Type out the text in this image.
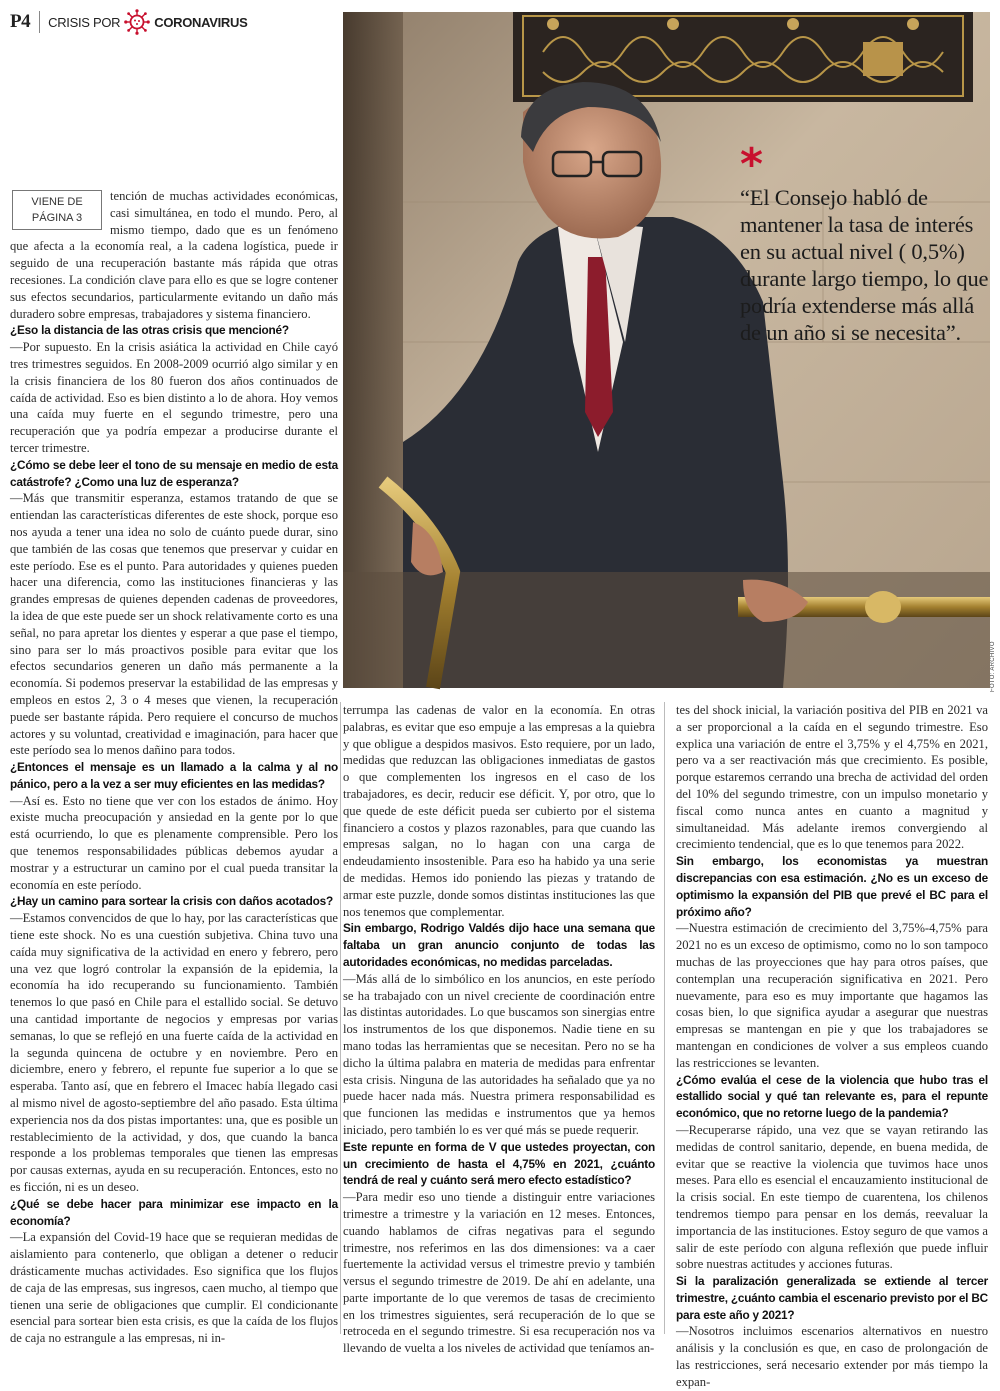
P4 CRISIS POR	CORONAVIRUS
FOTO: ARCHIVO
*
“El Consejo habló de mantener la tasa de interés en su actual nivel ( 0,5%) durante largo tiempo, lo que podría extenderse más allá de un año si se necesita”.
VIENE DE
PÁGINA 3

tención de muchas actividades económicas, casi simultánea, en todo el mundo. Pero, al mismo tiempo, dado que es un fenómeno que afecta a la economía real, a la cadena logística, puede ir seguido de una recuperación bastante más rápida que otras recesiones. La condición clave para ello es que se logre contener sus efectos secundarios, particularmente evitando un daño más duradero sobre empresas, trabajadores y sistema financiero.

¿Eso la distancia de las otras crisis que mencioné?

—Por supuesto. En la crisis asiática la actividad en Chile cayó tres trimestres seguidos. En 2008-2009 ocurrió algo similar y en la crisis financiera de los 80 fueron dos años continuados de caída de actividad. Eso es bien distinto a lo de ahora. Hoy vemos una caída muy fuerte en el segundo trimestre, pero una recuperación que ya podría empezar a producirse durante el tercer trimestre.

¿Cómo se debe leer el tono de su mensaje en medio de esta catástrofe? ¿Como una luz de esperanza?

—Más que transmitir esperanza, estamos tratando de que se entiendan las características diferentes de este shock, porque eso nos ayuda a tener una idea no solo de cuánto puede durar, sino que también de las cosas que tenemos que preservar y cuidar en este período. Ese es el punto. Para autoridades y quienes pueden hacer una diferencia, como las instituciones financieras y las grandes empresas de quienes dependen cadenas de proveedores, la idea de que este puede ser un shock relativamente corto es una señal, no para apretar los dientes y esperar a que pase el tiempo, sino para ser lo más proactivos posible para evitar que los efectos secundarios generen un daño más permanente a la economía. Si podemos preservar la estabilidad de las empresas y empleos en estos 2, 3 o 4 meses que vienen, la recuperación puede ser bastante rápida. Pero requiere el concurso de muchos actores y su voluntad, creatividad e imaginación, para hacer que este período sea lo menos dañino para todos.

¿Entonces el mensaje es un llamado a la calma y al no pánico, pero a la vez a ser muy eficientes en las medidas?

—Así es. Esto no tiene que ver con los estados de ánimo. Hoy existe mucha preocupación y ansiedad en la gente por lo que está ocurriendo, lo que es plenamente comprensible. Pero los que tenemos responsabilidades públicas debemos ayudar a mostrar y a estructurar un camino por el cual pueda transitar la economía en este período.

¿Hay un camino para sortear la crisis con daños acotados?

—Estamos convencidos de que lo hay, por las características que tiene este shock. No es una cuestión subjetiva. China tuvo una caída muy significativa de la actividad en enero y febrero, pero una vez que logró controlar la expansión de la epidemia, la economía ha ido recuperando su funcionamiento. También tenemos lo que pasó en Chile para el estallido social. Se detuvo una cantidad importante de negocios y empresas por varias semanas, lo que se reflejó en una fuerte caída de la actividad en la segunda quincena de octubre y en noviembre. Pero en diciembre, enero y febrero, el repunte fue superior a lo que se esperaba. Tanto así, que en febrero el Imacec había llegado casi al mismo nivel de agosto-septiembre del año pasado. Esta última experiencia nos da dos pistas importantes: una, que es posible un restablecimiento de la actividad, y dos, que cuando la banca responde a los problemas temporales que tienen las empresas por causas externas, ayuda en su recuperación. Entonces, esto no es ficción, ni es un deseo.

¿Qué se debe hacer para minimizar ese impacto en la economía?

—La expansión del Covid-19 hace que se requieran medidas de aislamiento para contenerlo, que obligan a detener o reducir drásticamente muchas actividades. Eso significa que los flujos de caja de las empresas, sus ingresos, caen mucho, al tiempo que tienen una serie de obligaciones que cumplir. El condicionante esencial para sortear bien esta crisis, es que la caída de los flujos de caja no estrangule a las empresas, ni in-

terrumpa las cadenas de valor en la economía. En otras palabras, es evitar que eso empuje a las empresas a la quiebra y que obligue a despidos masivos. Esto requiere, por un lado, medidas que reduzcan las obligaciones inmediatas de gastos o que complementen los ingresos en el caso de los trabajadores, es decir, reducir ese déficit. Y, por otro, que lo que quede de este déficit pueda ser cubierto por el sistema financiero a costos y plazos razonables, para que cuando las empresas salgan, no lo hagan con una carga de endeudamiento insostenible. Para eso ha habido ya una serie de medidas. Hemos ido poniendo las piezas y tratando de armar este puzzle, donde somos distintas instituciones las que nos tenemos que complementar.

Sin embargo, Rodrigo Valdés dijo hace una semana que faltaba un gran anuncio conjunto de todas las autoridades económicas, no medidas parceladas.

—Más allá de lo simbólico en los anuncios, en este período se ha trabajado con un nivel creciente de coordinación entre las distintas autoridades. Lo que buscamos son sinergias entre los instrumentos de los que disponemos. Nadie tiene en su mano todas las herramientas que se necesitan. Pero no se ha dicho la última palabra en materia de medidas para enfrentar esta crisis. Ninguna de las autoridades ha señalado que ya no puede hacer nada más. Nuestra primera responsabilidad es que funcionen las medidas e instrumentos que ya hemos iniciado, pero también lo es ver qué más se puede requerir.

Este repunte en forma de V que ustedes proyectan, con un crecimiento de hasta el 4,75% en 2021, ¿cuánto tendrá de real y cuánto será mero efecto estadístico?

—Para medir eso uno tiende a distinguir entre variaciones trimestre a trimestre y la variación en 12 meses. Entonces, cuando hablamos de cifras negativas para el segundo trimestre, nos referimos en las dos dimensiones: va a caer fuertemente la actividad versus el trimestre previo y también versus el segundo trimestre de 2019. De ahí en adelante, una parte importante de lo que veremos de tasas de crecimiento en los trimestres siguientes, será recuperación de lo que se retroceda en el segundo trimestre. Si esa recuperación nos va llevando de vuelta a los niveles de actividad que teníamos an-

tes del shock inicial, la variación positiva del PIB en 2021 va a ser proporcional a la caída en el segundo trimestre. Eso explica una variación de entre el 3,75% y el 4,75% en 2021, pero va a ser reactivación más que crecimiento. Es posible, porque estaremos cerrando una brecha de actividad del orden del 10% del segundo trimestre, con un impulso monetario y fiscal como nunca antes en cuanto a magnitud y simultaneidad. Más adelante iremos convergiendo al crecimiento tendencial, que es lo que tenemos para 2022.

Sin embargo, los economistas ya muestran discrepancias con esa estimación. ¿No es un exceso de optimismo la expansión del PIB que prevé el BC para el próximo año?

—Nuestra estimación de crecimiento del 3,75%-4,75% para 2021 no es un exceso de optimismo, como no lo son tampoco muchas de las proyecciones que hay para otros países, que contemplan una recuperación significativa en 2021. Pero nuevamente, para eso es muy importante que hagamos las cosas bien, lo que significa ayudar a asegurar que nuestras empresas se mantengan en pie y que los trabajadores se mantengan en condiciones de volver a sus empleos cuando las restricciones se levanten.

¿Cómo evalúa el cese de la violencia que hubo tras el estallido social y qué tan relevante es, para el repunte económico, que no retorne luego de la pandemia?

—Recuperarse rápido, una vez que se vayan retirando las medidas de control sanitario, depende, en buena medida, de evitar que se reactive la violencia que tuvimos hace unos meses. Para ello es esencial el encauzamiento institucional de la crisis social. En este tiempo de cuarentena, los chilenos tendremos tiempo para pensar en los demás, reevaluar la importancia de las instituciones. Estoy seguro de que vamos a salir de este período con alguna reflexión que puede influir sobre nuestras actitudes y acciones futuras.

Si la paralización generalizada se extiende al tercer trimestre, ¿cuánto cambia el escenario previsto por el BC para este año y 2021?

—Nosotros incluimos escenarios alternativos en nuestro análisis y la conclusión es que, en caso de prolongación de las restricciones, será necesario extender por más tiempo la expan-
